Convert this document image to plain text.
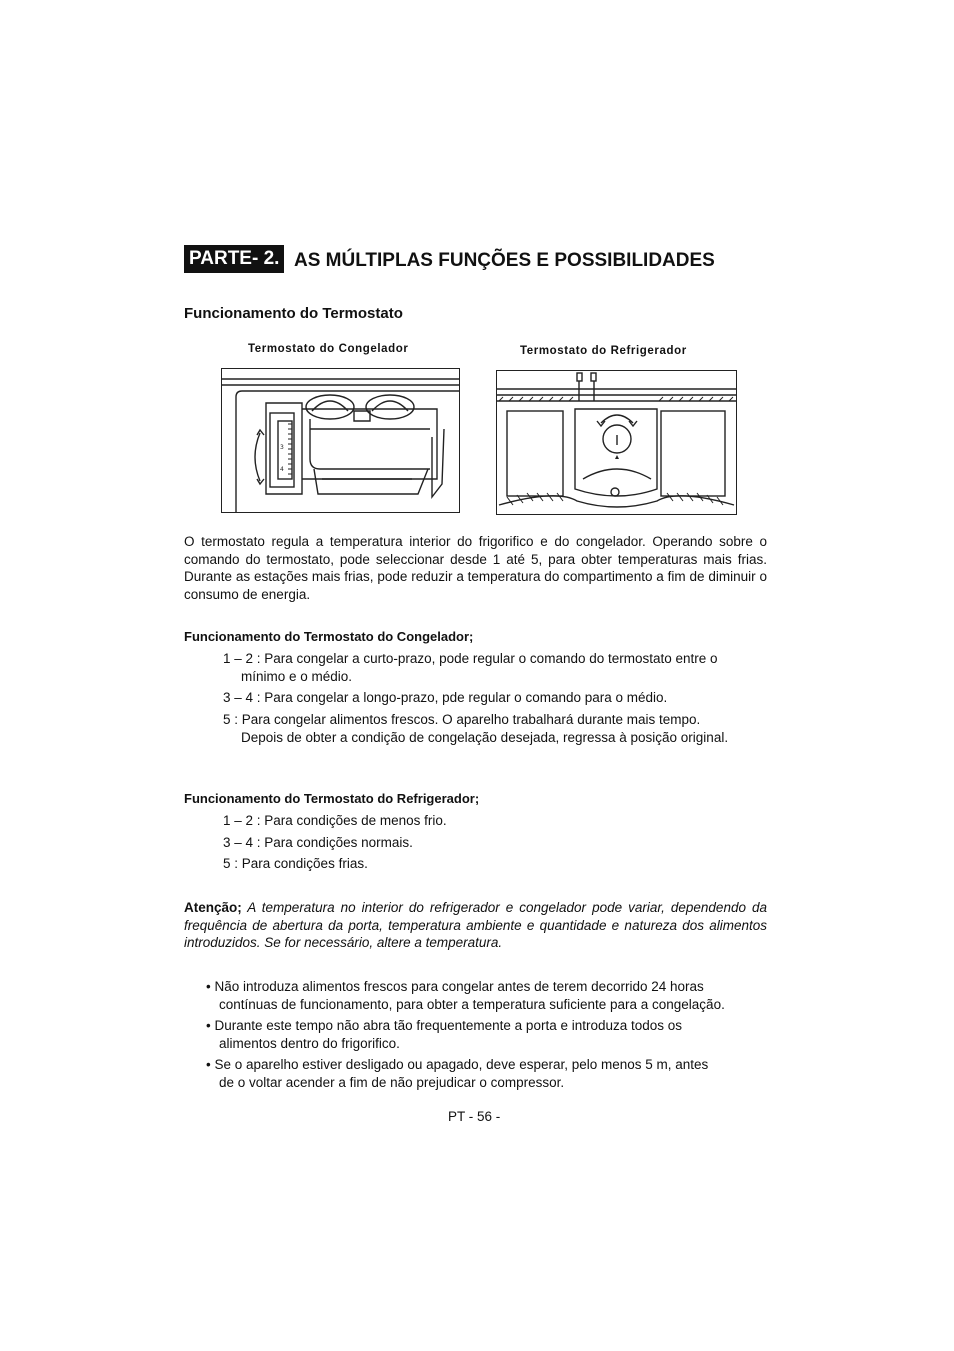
PARTE- 2. AS MÚLTIPLAS FUNÇÕES E POSSIBILIDADES
Funcionamento do Termostato
Termostato do Congelador	Termostato do Refrigerador
3
4
O termostato regula a temperatura interior do frigorifico e do congelador. Operando sobre o comando do termostato, pode seleccionar desde 1 até 5, para obter temperaturas mais frias. Durante as estações mais frias, pode reduzir a temperatura do compartimento a fim de diminuir o consumo de energia.
Funcionamento do Termostato do Congelador;
1 – 2 : Para congelar a curto-prazo, pode regular o comando do termostato entre o
mínimo e o médio.
3 – 4 : Para congelar a longo-prazo, pde regular o comando para o médio.
5 : Para congelar alimentos frescos. O aparelho trabalhará durante mais tempo.
Depois de obter a condição de congelação desejada, regressa à posição original.
Funcionamento do Termostato do Refrigerador;
1 – 2 : Para condições de menos frio.
3 – 4 : Para condições normais.
5 : Para condições frias.
Atenção; A temperatura no interior do refrigerador e congelador pode variar, dependendo da frequência de abertura da porta, temperatura ambiente e quantidade e natureza dos alimentos introduzidos. Se for necessário, altere a temperatura.
• Não introduza alimentos frescos para congelar antes de terem decorrido 24 horas
contínuas de funcionamento, para obter a temperatura suficiente para a congelação.
• Durante este tempo não abra tão frequentemente a porta e introduza todos os
alimentos dentro do frigorifico.
• Se o aparelho estiver desligado ou apagado, deve esperar, pelo menos 5 m, antes
de o voltar acender a fim de não prejudicar o compressor.
PT - 56 -
